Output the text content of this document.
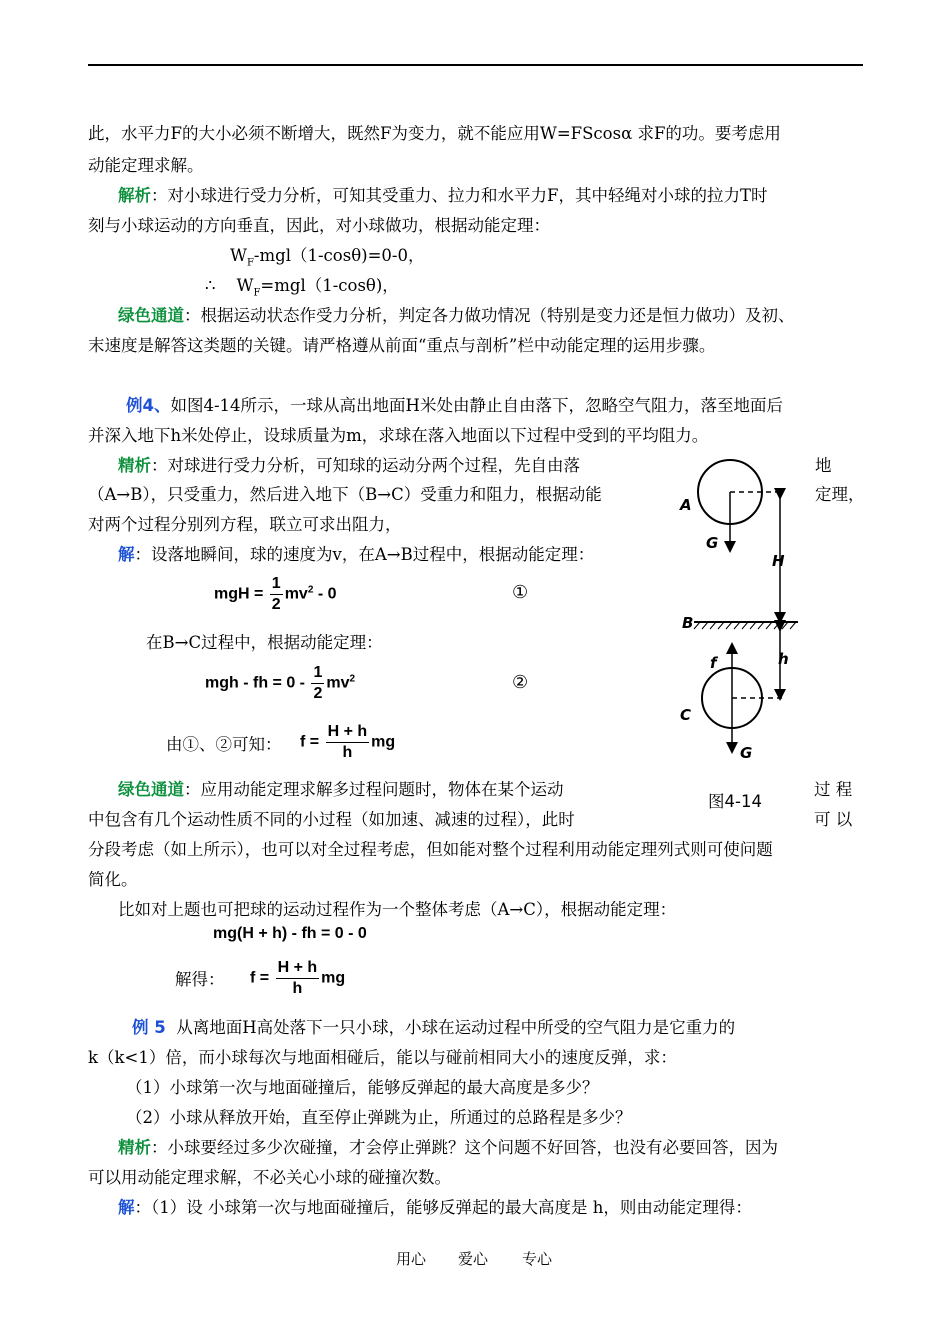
此，水平力F的大小必须不断增大，既然F为变力，就不能应用W=FScosα 求F的功。要考虑用
动能定理求解。
解析：对小球进行受力分析，可知其受重力、拉力和水平力F，其中轻绳对小球的拉力T时
刻与小球运动的方向垂直，因此，对小球做功，根据动能定理：
$W_F-mgl(1-\cos\theta)=0-0$，
∴ $W_F=mgl(1-\cos\theta)$，
绿色通道：根据运动状态作受力分析，判定各力做功情况（特别是变力还是恒力做功）及初、
末速度是解答这类题的关键。请严格遵从前面“重点与剖析”栏中动能定理的运用步骤。
例4、如图4-14所示，一球从高出地面H米处由静止自由落下，忽略空气阻力，落至地面后
并深入地下h米处停止，设球质量为m，求球在落入地面以下过程中受到的平均阻力。
精析：对球进行受力分析，可知球的运动分两个过程，先自由落	地
（A→B），只受重力，然后进入地下（B→C）受重力和阻力，根据动能	定理，
对两个过程分别列方程，联立可求出阻力，
解：设落地瞬间，球的速度为v，在A→B过程中，根据动能定理：
mgH = $\frac{1}{2} mv^2 - 0$	①
在B→C过程中，根据动能定理：
mgh - fh = $0 - \frac{1}{2} mv^2$	②
由①、②可知： $f = \frac{H + h}{h}$ mg
绿色通道：应用动能定理求解多过程问题时，物体在某个运动	过 程
中包含有几个运动性质不同的小过程（如加速、减速的过程），此时	可 以
分段考虑（如上所示），也可以对全过程考虑，但如能对整个过程利用动能定理列式则可使问题
简化。
比如对上题也可把球的运动过程作为一个整体考虑（A→C），根据动能定理：
mg(H + h) - fh = 0 - 0
解得： $f = \frac{H + h}{h}$ mg
例 5 从离地面H高处落下一只小球，小球在运动过程中所受的空气阻力是它重力的
k（k<1）倍，而小球每次与地面相碰后，能以与碰前相同大小的速度反弹，求：
（1）小球第一次与地面碰撞后，能够反弹起的最大高度是多少？
（2）小球从释放开始，直至停止弹跳为止，所通过的总路程是多少？
精析：小球要经过多少次碰撞，才会停止弹跳？这个问题不好回答，也没有必要回答，因为
可以用动能定理求解，不必关心小球的碰撞次数。
解：（1）设 小球第一次与地面碰撞后，能够反弹起的最大高度是 h，则由动能定理得：
A
G
H
B
f	h
C
G
图4-14
用心 爱心 专心
